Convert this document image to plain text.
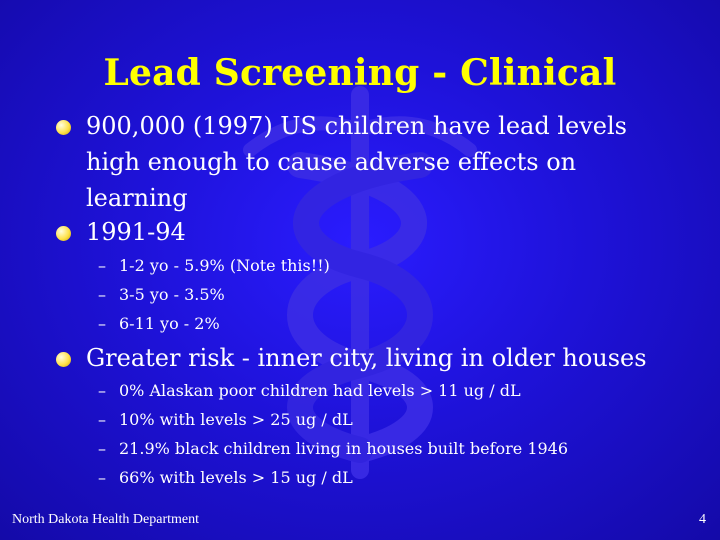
Lead Screening - Clinical
900,000 (1997) US children have lead levels
high enough to cause adverse effects on
learning
1991-94
– 1-2 yo - 5.9% (Note this!!)
– 3-5 yo - 3.5%
– 6-11 yo - 2%
Greater risk - inner city, living in older houses
– 0% Alaskan poor children had levels > 11 ug / dL
– 10% with levels > 25 ug / dL
– 21.9% black children living in houses built before 1946
– 66% with levels > 15 ug / dL
North Dakota Health Department	4
